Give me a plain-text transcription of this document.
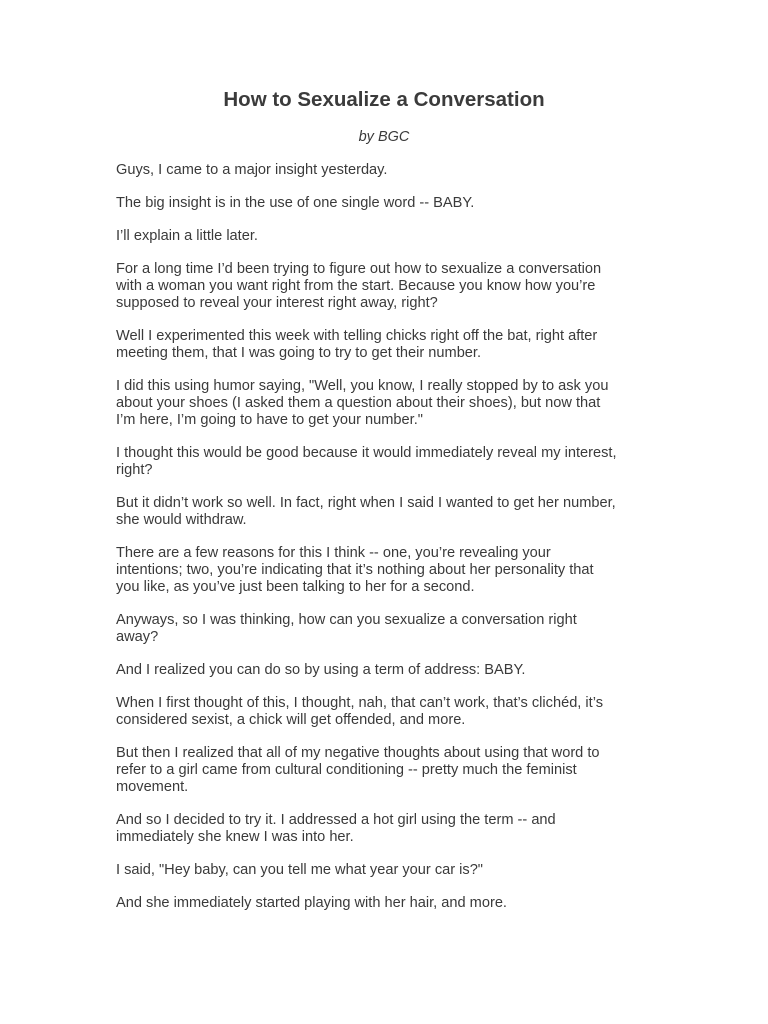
How to Sexualize a Conversation

by BGC

Guys, I came to a major insight yesterday.

The big insight is in the use of one single word -- BABY.

I’ll explain a little later.

For a long time I’d been trying to figure out how to sexualize a conversation
with a woman you want right from the start. Because you know how you’re
supposed to reveal your interest right away, right?

Well I experimented this week with telling chicks right off the bat, right after
meeting them, that I was going to try to get their number.

I did this using humor saying, "Well, you know, I really stopped by to ask you
about your shoes (I asked them a question about their shoes), but now that
I’m here, I’m going to have to get your number."

I thought this would be good because it would immediately reveal my interest,
right?

But it didn’t work so well. In fact, right when I said I wanted to get her number,
she would withdraw.

There are a few reasons for this I think -- one, you’re revealing your
intentions; two, you’re indicating that it’s nothing about her personality that
you like, as you’ve just been talking to her for a second.

Anyways, so I was thinking, how can you sexualize a conversation right
away?

And I realized you can do so by using a term of address: BABY.

When I first thought of this, I thought, nah, that can’t work, that’s clichéd, it’s
considered sexist, a chick will get offended, and more.

But then I realized that all of my negative thoughts about using that word to
refer to a girl came from cultural conditioning -- pretty much the feminist
movement.

And so I decided to try it. I addressed a hot girl using the term -- and
immediately she knew I was into her.

I said, "Hey baby, can you tell me what year your car is?"

And she immediately started playing with her hair, and more.
